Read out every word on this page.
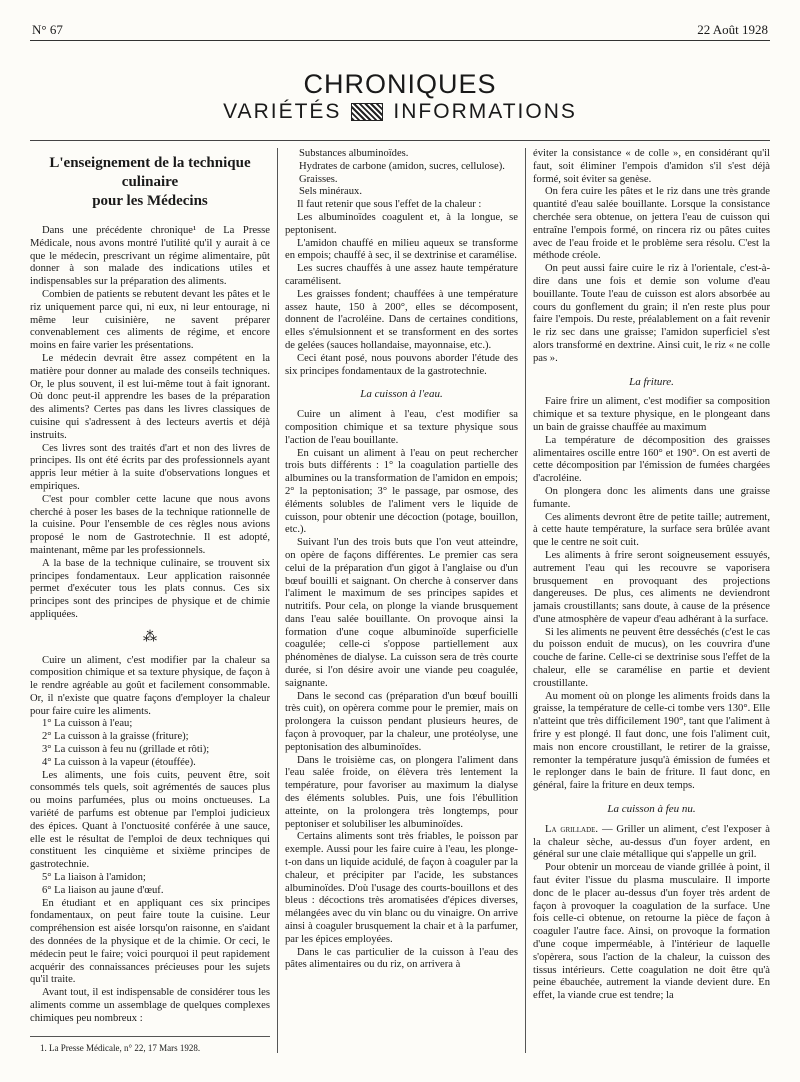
N° 67	22 Août 1928
CHRONIQUES
VARIÉTÉS INFORMATIONS
L'enseignement de la technique culinaire
pour les Médecins

Dans une précédente chronique¹ de La Presse Médicale, nous avons montré l'utilité qu'il y aurait à ce que le médecin, prescrivant un régime alimentaire, pût donner à son malade des indications utiles et indispensables sur la préparation des aliments.

Combien de patients se rebutent devant les pâtes et le riz uniquement parce qui, ni eux, ni leur entourage, ni même leur cuisinière, ne savent préparer convenablement ces aliments de régime, et encore moins en faire varier les présentations.

Le médecin devrait être assez compétent en la matière pour donner au malade des conseils techniques. Or, le plus souvent, il est lui-même tout à fait ignorant. Où donc peut-il apprendre les bases de la préparation des aliments? Certes pas dans les livres classiques de cuisine qui s'adressent à des lecteurs avertis et déjà instruits.

Ces livres sont des traités d'art et non des livres de principes. Ils ont été écrits par des professionnels ayant appris leur métier à la suite d'observations longues et empiriques.

C'est pour combler cette lacune que nous avons cherché à poser les bases de la technique rationnelle de la cuisine. Pour l'ensemble de ces règles nous avions proposé le nom de Gastrotechnie. Il est adopté, maintenant, même par les professionnels.

A la base de la technique culinaire, se trouvent six principes fondamentaux. Leur application raisonnée permet d'exécuter tous les plats connus. Ces six principes sont des principes de physique et de chimie appliquées.

⁂

Cuire un aliment, c'est modifier par la chaleur sa composition chimique et sa texture physique, de façon à le rendre agréable au goût et facilement consommable. Or, il n'existe que quatre façons d'employer la chaleur pour faire cuire les aliments.

1° La cuisson à l'eau;

2° La cuisson à la graisse (friture);

3° La cuisson à feu nu (grillade et rôti);

4° La cuisson à la vapeur (étouffée).

Les aliments, une fois cuits, peuvent être, soit consommés tels quels, soit agrémentés de sauces plus ou moins parfumées, plus ou moins onctueuses. La variété de parfums est obtenue par l'emploi judicieux des épices. Quant à l'onctuosité conférée à une sauce, elle est le résultat de l'emploi de deux techniques qui constituent les cinquième et sixième principes de gastrotechnie.

5° La liaison à l'amidon;

6° La liaison au jaune d'œuf.

En étudiant et en appliquant ces six principes fondamentaux, on peut faire toute la cuisine. Leur compréhension est aisée lorsqu'on raisonne, en s'aidant des données de la physique et de la chimie. Or ceci, le médecin peut le faire; voici pourquoi il peut rapidement acquérir des connaissances précieuses pour les sujets qu'il traite.

Avant tout, il est indispensable de considérer tous les aliments comme un assemblage de quelques complexes chimiques peu nombreux :

1. La Presse Médicale, n° 22, 17 Mars 1928.

Substances albuminoïdes.

Hydrates de carbone (amidon, sucres, cellulose).

Graisses.

Sels minéraux.

Il faut retenir que sous l'effet de la chaleur :

Les albuminoïdes coagulent et, à la longue, se peptonisent.

L'amidon chauffé en milieu aqueux se transforme en empois; chauffé à sec, il se dextrinise et caramélise.

Les sucres chauffés à une assez haute température caramélisent.

Les graisses fondent; chauffées à une température assez haute, 150 à 200°, elles se décomposent, donnent de l'acroléine. Dans de certaines conditions, elles s'émulsionnent et se transforment en des sortes de gelées (sauces hollandaise, mayonnaise, etc.).

Ceci étant posé, nous pouvons aborder l'étude des six principes fondamentaux de la gastrotechnie.

La cuisson à l'eau.

Cuire un aliment à l'eau, c'est modifier sa composition chimique et sa texture physique sous l'action de l'eau bouillante.

En cuisant un aliment à l'eau on peut rechercher trois buts différents : 1° la coagulation partielle des albumines ou la transformation de l'amidon en empois; 2° la peptonisation; 3° le passage, par osmose, des éléments solubles de l'aliment vers le liquide de cuisson, pour obtenir une décoction (potage, bouillon, etc.).

Suivant l'un des trois buts que l'on veut atteindre, on opère de façons différentes. Le premier cas sera celui de la préparation d'un gigot à l'anglaise ou d'un bœuf bouilli et saignant. On cherche à conserver dans l'aliment le maximum de ses principes sapides et nutritifs. Pour cela, on plonge la viande brusquement dans l'eau salée bouillante. On provoque ainsi la formation d'une coque albuminoïde superficielle coagulée; celle-ci s'oppose partiellement aux phénomènes de dialyse. La cuisson sera de très courte durée, si l'on désire avoir une viande peu coagulée, saignante.

Dans le second cas (préparation d'un bœuf bouilli très cuit), on opèrera comme pour le premier, mais on prolongera la cuisson pendant plusieurs heures, de façon à provoquer, par la chaleur, une protéolyse, une peptonisation des albuminoïdes.

Dans le troisième cas, on plongera l'aliment dans l'eau salée froide, on élèvera très lentement la température, pour favoriser au maximum la dialyse des éléments solubles. Puis, une fois l'ébullition atteinte, on la prolongera très longtemps, pour peptoniser et solubiliser les albuminoïdes.

Certains aliments sont très friables, le poisson par exemple. Aussi pour les faire cuire à l'eau, les plonge-t-on dans un liquide acidulé, de façon à coaguler par la chaleur, et précipiter par l'acide, les substances albuminoïdes. D'où l'usage des courts-bouillons et des bleus : décoctions très aromatisées d'épices diverses, mélangées avec du vin blanc ou du vinaigre. On arrive ainsi à coaguler brusquement la chair et à la parfumer, par les épices employées.

Dans le cas particulier de la cuisson à l'eau des pâtes alimentaires ou du riz, on arrivera à

éviter la consistance « de colle », en considérant qu'il faut, soit éliminer l'empois d'amidon s'il s'est déjà formé, soit éviter sa genèse.

On fera cuire les pâtes et le riz dans une très grande quantité d'eau salée bouillante. Lorsque la consistance cherchée sera obtenue, on jettera l'eau de cuisson qui entraîne l'empois formé, on rincera riz ou pâtes cuites avec de l'eau froide et le problème sera résolu. C'est la méthode créole.

On peut aussi faire cuire le riz à l'orientale, c'est-à-dire dans une fois et demie son volume d'eau bouillante. Toute l'eau de cuisson est alors absorbée au cours du gonflement du grain; il n'en reste plus pour faire l'empois. Du reste, préalablement on a fait revenir le riz sec dans une graisse; l'amidon superficiel s'est alors transformé en dextrine. Ainsi cuit, le riz « ne colle pas ».

La friture.

Faire frire un aliment, c'est modifier sa composition chimique et sa texture physique, en le plongeant dans un bain de graisse chauffée au maximum

La température de décomposition des graisses alimentaires oscille entre 160° et 190°. On est averti de cette décomposition par l'émission de fumées chargées d'acroléine.

On plongera donc les aliments dans une graisse fumante.

Ces aliments devront être de petite taille; autrement, à cette haute température, la surface sera brûlée avant que le centre ne soit cuit.

Les aliments à frire seront soigneusement essuyés, autrement l'eau qui les recouvre se vaporisera brusquement en provoquant des projections dangereuses. De plus, ces aliments ne deviendront jamais croustillants; sans doute, à cause de la présence d'une atmosphère de vapeur d'eau adhérant à la surface.

Si les aliments ne peuvent être desséchés (c'est le cas du poisson enduit de mucus), on les couvrira d'une couche de farine. Celle-ci se dextrinise sous l'effet de la chaleur, elle se caramélise en partie et devient croustillante.

Au moment où on plonge les aliments froids dans la graisse, la température de celle-ci tombe vers 130°. Elle n'atteint que très difficilement 190°, tant que l'aliment à frire y est plongé. Il faut donc, une fois l'aliment cuit, mais non encore croustillant, le retirer de la graisse, remonter la température jusqu'à émission de fumées et le replonger dans le bain de friture. Il faut donc, en général, faire la friture en deux temps.

La cuisson à feu nu.

La grillade. — Griller un aliment, c'est l'exposer à la chaleur sèche, au-dessus d'un foyer ardent, en général sur une claie métallique qui s'appelle un gril.

Pour obtenir un morceau de viande grillée à point, il faut éviter l'issue du plasma musculaire. Il importe donc de le placer au-dessus d'un foyer très ardent de façon à provoquer la coagulation de la surface. Une fois celle-ci obtenue, on retourne la pièce de façon à coaguler l'autre face. Ainsi, on provoque la formation d'une coque imperméable, à l'intérieur de laquelle s'opèrera, sous l'action de la chaleur, la cuisson des tissus intérieurs. Cette coagulation ne doit être qu'à peine ébauchée, autrement la viande devient dure. En effet, la viande crue est tendre; la
